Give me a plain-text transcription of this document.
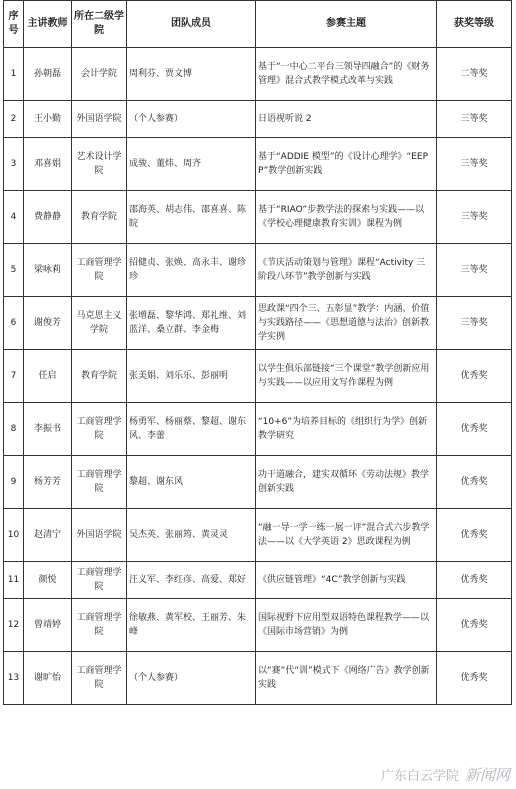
序号	主讲教师	所在二级学院	团队成员	参赛主题	获奖等级
1	孙朝磊	会计学院	周利芬、贾文博	基于“一中心二平台三领导四融合”的《财务管理》混合式教学模式改革与实践	二等奖
2	王小勤	外国语学院	（个人参赛）	日语视听说 2	三等奖
3	邓喜娟	艺术设计学院	成骏、董炜、周齐	基于“ADDIE 模型”的《设计心理学》“EEPP”教学创新实践	三等奖
4	费静静	教育学院	邵海英、胡志伟、邵喜喜、陈皖	基于“RIAO”步教学法的探索与实践——以《学校心理健康教育实训》课程为例	三等奖
5	梁咏莉	工商管理学院	招健贞、张焕、高永丰、谢珍珍	《节庆活动策划与管理》课程“Activity 三阶段八环节”教学创新与实践	三等奖
6	谢俊芳	马克思主义学院	张增磊、黎华鸿、郑礼维、刘蓝洋、桑立群、李金梅	思政课“四个三、五彰显”教学：内涵、价值与实践路径——《思想道德与法治》创新教学实例	三等奖
7	任启	教育学院	张美娟、刘乐乐、彭丽明	以学生俱乐部链接“三个课堂”教学创新应用与实践——以应用文写作课程为例	优秀奖
8	李振书	工商管理学院	杨勇军、杨丽蔡、黎超、谢东风、李蕾	“10+6”为培养目标的《组织行为学》创新教学研究	优秀奖
9	杨芳芳	工商管理学院	黎超、谢东风	功干道融合，建实双循环《劳动法规》教学创新实践	优秀奖
10	赵清宁	外国语学院	吴杰英、张丽筠、黄灵灵	“融一导一学一练一展一评”混合式六步教学法——以《大学英语 2》思政课程为例	优秀奖
11	颜悦	工商管理学院	汪义军、李红彦、高爱、郑好	《供应链管理》“4C”教学创新与实践	优秀奖
12	曾靖婷	工商管理学院	徐敏燕、黄军校、王丽芳、朱峰	国际视野下应用型双语特色课程教学——以《国际市场营销》为例	优秀奖
13	谢旷怡	工商管理学院	（个人参赛）	以“赛”代“训”模式下《网络广告》教学创新实践	优秀奖
广东白云学院 新闻网
